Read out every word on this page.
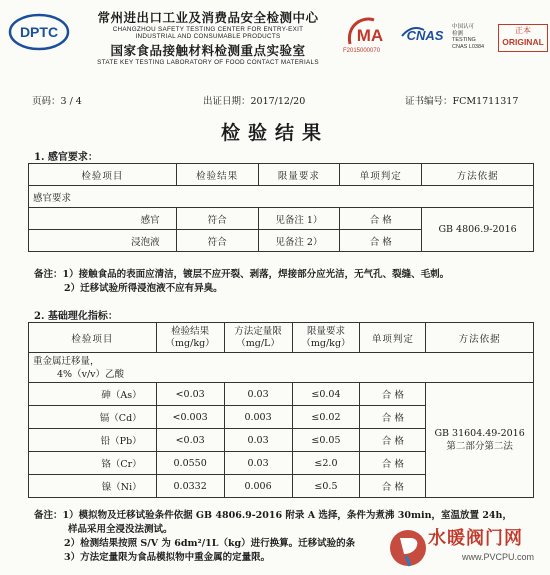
DPTC
常州进出口工业及消费品安全检测中心
CHANGZHOU SAFETY TESTING CENTER FOR ENTRY-EXIT
INDUSTRIAL AND CONSUMABLE PRODUCTS
国家食品接触材料检测重点实验室
STATE KEY TESTING LABORATORY OF FOOD CONTACT MATERIALS
MA
F2015000070
CNAS
中国认可
检测
TESTING
CNAS L0384
正本
ORIGINAL
页码：3 / 4	出证日期：2017/12/20	证书编号：FCM1711317
检验结果
1. 感官要求：
检验项目	检验结果	限量要求	单项判定	方法依据
感官要求				
感官	符合	见备注 1）	合 格	GB 4806.9-2016
浸泡液	符合	见备注 2）	合 格	
备注：1）接触食品的表面应清洁，镀层不应开裂、剥落，焊接部分应光洁，无气孔、裂缝、毛刺。
2）迁移试验所得浸泡液不应有异臭。
2. 基础理化指标：
检验项目	检验结果
（mg/kg）	方法定量限
（mg/L）	限量要求
（mg/kg）	单项判定	方法依据
重金属迁移量，
4%（v/v）乙酸					
砷（As）	<0.03	0.03	≤0.04	合 格	GB 31604.49-2016
第二部分第二法
镉（Cd）	<0.003	0.003	≤0.02	合 格	
铅（Pb）	<0.03	0.03	≤0.05	合 格	
铬（Cr）	0.0550	0.03	≤2.0	合 格	
镍（Ni）	0.0332	0.006	≤0.5	合 格	
备注：1）模拟物及迁移试验条件依据 GB 4806.9-2016 附录 A 选择，条件为煮沸 30min，室温放置 24h，
样品采用全浸没法测试。
2）检测结果按照 S/V 为 6dm²/1L（kg）进行换算。迁移试验的条
3）方法定量限为食品模拟物中重金属的定量限。
水暖阀门网
www.PVCPU.com
